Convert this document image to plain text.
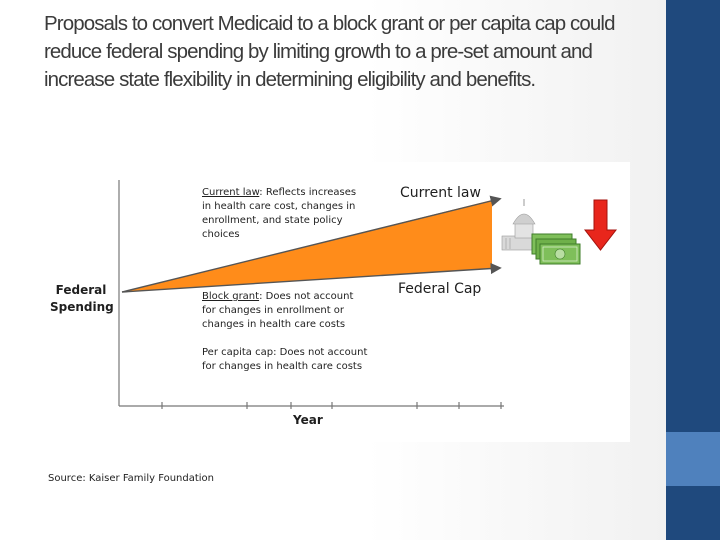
Proposals to convert Medicaid to a block grant or per capita cap could reduce federal spending by limiting growth to a pre-set amount and increase state flexibility in determining eligibility and benefits.
Federal
Spending
Year
Current law
Federal Cap
Current law: Reflects increases
in health care cost, changes in
enrollment, and state policy
choices
Block grant: Does not account
for changes in enrollment or
changes in health care costs
Per capita cap: Does not account
for changes in health care costs
Source: Kaiser Family Foundation
